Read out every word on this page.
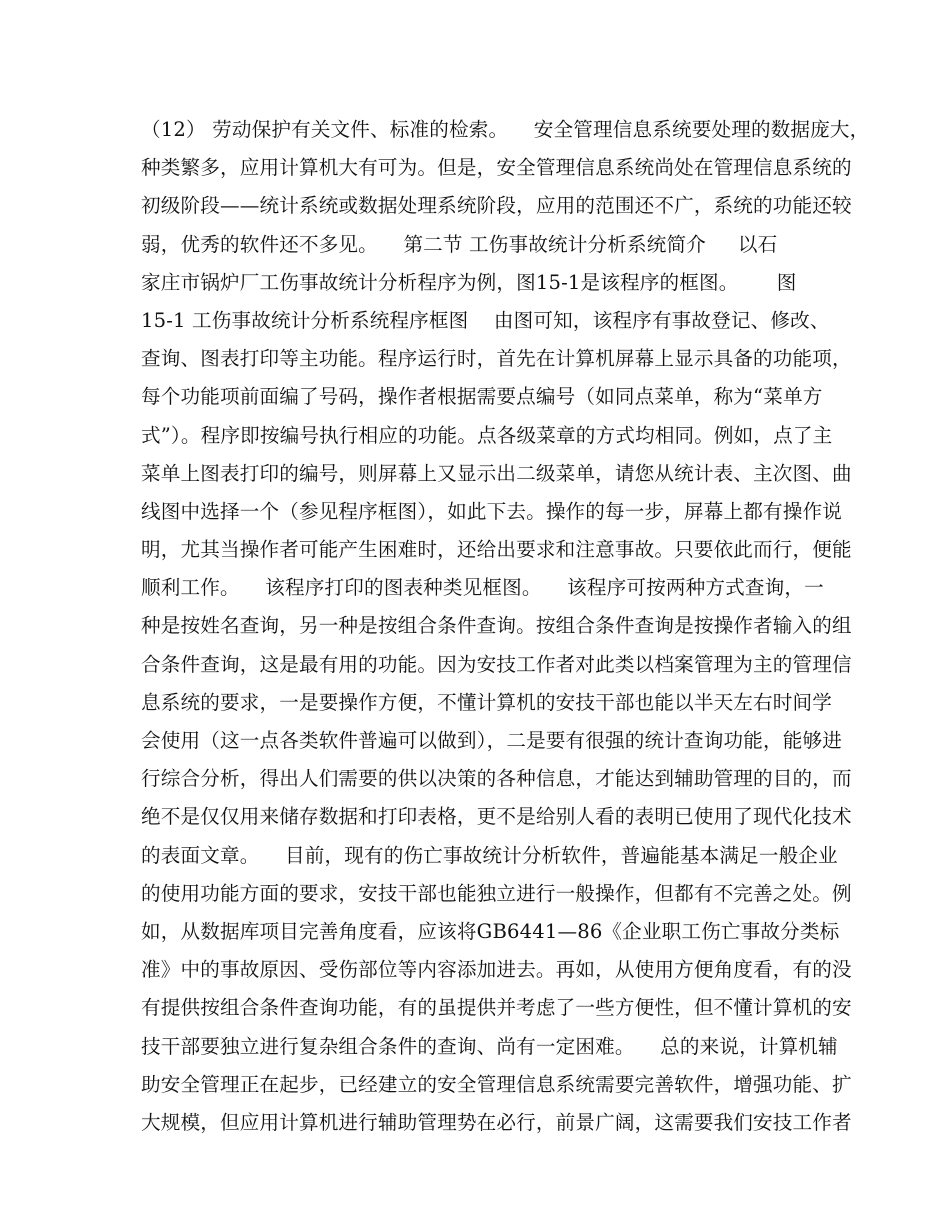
（12） 劳动保护有关文件、标准的检索。    安全管理信息系统要处理的数据庞大，
种类繁多，应用计算机大有可为。但是，安全管理信息系统尚处在管理信息系统的
初级阶段——统计系统或数据处理系统阶段，应用的范围还不广，系统的功能还较
弱，优秀的软件还不多见。    第二节 工伤事故统计分析系统简介     以石
家庄市锅炉厂工伤事故统计分析程序为例，图15-1是该程序的框图。      图
15-1 工伤事故统计分析系统程序框图    由图可知，该程序有事故登记、修改、
查询、图表打印等主功能。程序运行时，首先在计算机屏幕上显示具备的功能项，
每个功能项前面编了号码，操作者根据需要点编号（如同点菜单，称为“菜单方
式”）。程序即按编号执行相应的功能。点各级菜章的方式均相同。例如，点了主
菜单上图表打印的编号，则屏幕上又显示出二级菜单，请您从统计表、主次图、曲
线图中选择一个（参见程序框图），如此下去。操作的每一步，屏幕上都有操作说
明，尤其当操作者可能产生困难时，还给出要求和注意事故。只要依此而行，便能
顺利工作。    该程序打印的图表种类见框图。    该程序可按两种方式查询，一
种是按姓名查询，另一种是按组合条件查询。按组合条件查询是按操作者输入的组
合条件查询，这是最有用的功能。因为安技工作者对此类以档案管理为主的管理信
息系统的要求，一是要操作方便，不懂计算机的安技干部也能以半天左右时间学
会使用（这一点各类软件普遍可以做到），二是要有很强的统计查询功能，能够进
行综合分析，得出人们需要的供以决策的各种信息，才能达到辅助管理的目的，而
绝不是仅仅用来储存数据和打印表格，更不是给别人看的表明已使用了现代化技术
的表面文章。    目前，现有的伤亡事故统计分析软件，普遍能基本满足一般企业
的使用功能方面的要求，安技干部也能独立进行一般操作，但都有不完善之处。例
如，从数据库项目完善角度看，应该将GB6441—86《企业职工伤亡事故分类标
准》中的事故原因、受伤部位等内容添加进去。再如，从使用方便角度看，有的没
有提供按组合条件查询功能，有的虽提供并考虑了一些方便性，但不懂计算机的安
技干部要独立进行复杂组合条件的查询、尚有一定困难。    总的来说，计算机辅
助安全管理正在起步，已经建立的安全管理信息系统需要完善软件，增强功能、扩
大规模，但应用计算机进行辅助管理势在必行，前景广阔，这需要我们安技工作者
